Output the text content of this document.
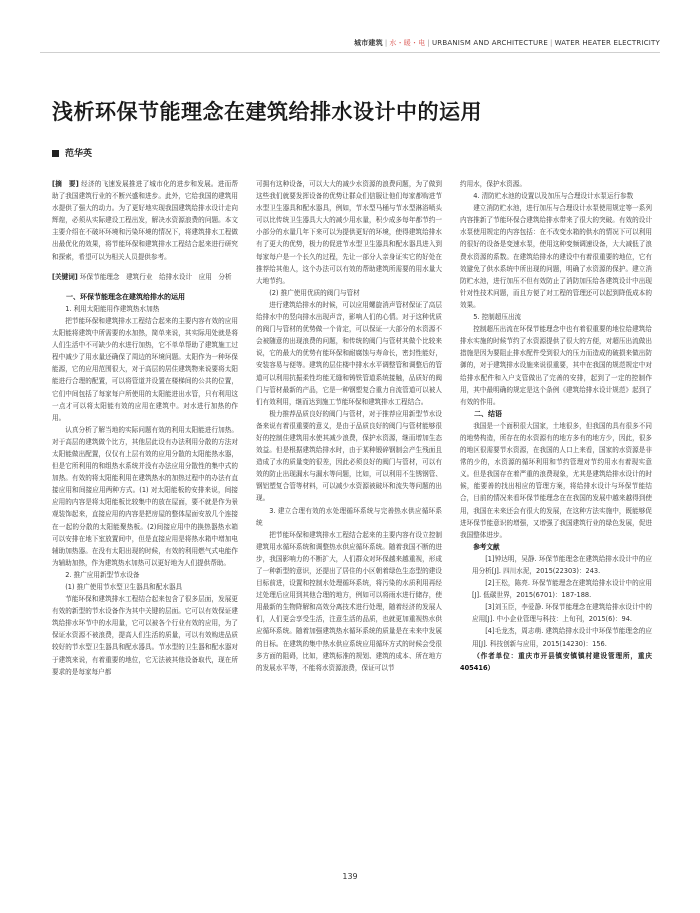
城市建筑 | 水・暖・电 | URBANISM AND ARCHITECTURE | WATER HEATER ELECTRICITY
浅析环保节能理念在建筑给排水设计中的运用
范华英

[摘　要] 经济的飞速发展推进了城市化的进步和发展。进而帮助了我国建筑行业的不断兴盛和进步。此外，它给我国的建筑用水提供了强大的动力。为了更好地实现我国建筑给排水设计走向辉煌，必须从实际建设工程出发，解决水资源浪费的问题。本文主要介绍在不破坏环境和污染环境的情况下，将建筑排水工程做出最优化的效果，将节能环保和建筑排水工程结合起来进行研究和探索，希望可以为相关人员提供参考。

[关键词] 环保节能理念　建筑行业　给排水设计　应用　分析

一、环保节能理念在建筑给排水的运用

1. 利用太阳能用作建筑热水加热

把节能环保和建筑排水工程结合起来的主要内容有效的应用太阳能将建筑中所需要的水加热，简单来说，其实际用处就是将人们生活中不可缺少的水进行加热，它不单单帮助了建筑施工过程中减少了用水量还确保了周边的环境问题。太阳作为一种环保能源，它的应用范围很大，对于高层的居住建筑物来说要将太阳能进行合理的配置，可以将管道并设置在楼梯间的公共的位置，它们中间包括了每家每户所使用的太阳能进出水管，只有利用这一点才可以将太阳能有效的应用在建筑中。对水进行加热的作用。

认真分析了解当地的实际问题有效的利用太阳能进行加热。对于高层的建筑做个比方，其他层此设有办法利用分散的方法对太阳能做出配置，仅仅有上层有效的应用分散的太阳能热水器，但是它所利用的和组热水系统并没有办法应用分散性的集中式的加热。有效的将太阳能利用在建筑热水的加热过程中的办法有直接应用和间接应用两种方式。(1) 对太阳能板的安排来说，间接应用的内容是将太阳能板比较集中的放在屋面，要不就是作为景观装饰起来，直接应用的内容是把房屋的整体屋面安放几个连接在一起的分散的太阳能聚热板。(2)间接应用中的换热器热水箱可以安排在地下室放置间中，但是直接应用是将热水箱中增加电辅助加热器。在没有太阳出现的时候，有效的利用燃气式电能作为辅助加热，作为建筑热水加热可以更好地为人们提供帮助。

2. 推广应用新型节水设备

(1) 推广使用节水型卫生器具和配水器具

节能环保和建筑排水工程结合起来包含了很多层面，发展更有效的新型的节水设备作为其中关键的层面。它可以有效保证建筑给排水环节中的水用量，它可以被各个行业有效的应用，为了保证水资源不被浪费，提高人们生活的质量，可以有效购进品质较好的节水型卫生器具和配水器具。节水型的卫生器和配水器对于建筑来说，有着重要的地位，它无法被其他设备取代，现在所要求的是每家每户都

可拥有这种设备，可以大大的减少水资源的浪费问题，为了做到这些我们就要发挥设备的优势让群众们信服让他们每家都购进节水型卫生器具和配水器具，例如，节水型马桶与节水型淋浴喷头可以比传统卫生器具大大的减少用水量，积少成多每年都节约一小部分的水量几年下来可以为提供更好的环境，使得建筑给排水有了更大的优势，极力的促进节水型卫生器具和配水器具进入到每家每户是一个长久的过程，先让一部分人亲身证实它的好处在推荐给其他人，这个办法可以有效的帮助建筑所需要的用水量大大地节约。

(2) 推广使用优质的阀门与管材

进行建筑给排水的时候，可以应用螺旋消声管材保证了高层给排水中的竖向排水出现声音，影响人们的心情。对于这种优质的阀门与管材的优势做一个肯定，可以保证一大部分的水资源不会被随意的出现浪费的问题，和传统的阀门与管材其做个比较来说，它的最大的优势有能环保和耐腐蚀与寿命长，密封性能好，安装容易与便等。建筑的层住楼中排水水平调整管和调整后的管道可以利用抗振柔性均能无缝和铸铁管道系统接触，品质好的阀门与管材最新的产品，它是一种钢塑复合重力自流管道可以被人们有效利用，继而达到施工节能环保和建筑排水工程结合。

极力推荐品质良好的阀门与管材，对于推荐应用新型节水设备来说有着很重要的意义，是由于品质良好的阀门与管材能够很好的控制住建筑用水使其减少浪费，保护水资源，继而增加生态效益。但是根据建筑给排水时，由于某种锻碎钢制会产生残面且造成了水的质量变的很差，因此必须良好的阀门与管材，可以有效的防止出现漏水与漏水等问题，比如，可以利用不生锈钢管、钢铝塑复合管等材料，可以减少水资源被破坏和流失等问题的出现。

3. 建立合理有效的水处理循环系统与完善热水供应循环系统

把节能环保和建筑排水工程结合起来的主要内容有设立控制建筑用水循环系统和调整热水供应循环系统。随着我国不断的进步，我国影响力的不断扩大，人们群众对环保越来越重视，形成了一种新型的意识，还提出了居住的小区朝着绿色生态型的建设目标前进，设置和控制水处理循环系统，将污染的水质利用再经过处理后应用到其他合理的地方，例如可以将雨水进行储存，使用最新的生物降解和高效分离技术进行处理，随着经济的发展人们，人们更会享受生活，注意生活的品质，也就更加重视热水供应循环系统。随着加强建筑热水循环系统的质量是在未来中发展的目标。在建筑的集中热水供应系统应用循环方式的时候会受很多方面的阻碍，比如，建筑标准的规划、建筑的成本、所在地方的发展水平等，不能将水资源浪费，保证可以节

约用水，保护水资源。

4. 清防贮水池的设置以及加压与合理设计水泵运行参数

建立消防贮水池，进行加压与合理设计水泵使用规定等一系列内容推新了节能环保合建筑给排水带来了很大的突破。有效的设计水泵使用规定的内容包括：在不改变水箱的供水的情况下可以利用的很好的设备是变速水泵，使用这种变频调速设备，大大减低了浪费水资源的系数。在建筑给排水的建设中有着很重要的地位，它有效避免了供水系统中所出现的问题，明确了水资源的保护。建立消防贮水池，进行加压不但有效防止了消防加压给各建筑设计中出现针对性技术问题，而且方便了对工程的管理还可以起到降低成本的效果。

5. 控制超压出流

控制超压出流在环保节能理念中也有着很重要的地位给建筑给排水实施的时候节约了水资源提供了很大的方便，对超压出流做出措施是因为要阻止排水配件受到很大的压力而造成的破损来做出防御的，对于建筑排水设施来说很重要，其中在我国的规范规定中对给排水配件和入户支管做出了完善的安排，起到了一定的控制作用，其中最明确的规定是这个条例《建筑给排水设计规范》起到了有效的作用。

二、结语

我国是一个面积很大国家，土地很多，但我国的具有很多不同的地势构造，所存在的水资源有的地方多有的地方少，因此，很多的地区很需要节水资源，在我国的人口上来看，国家的水资源是非常的少的，水资源的循环利用和节约管理对节约用水有着现实意义。但是我国存在着严重的浪费现象，尤其是建筑给排水设计的时候，能要善的找出相应的管理方案，将给排水设计与环保节能结合，目前的情况来看环保节能理念在在我国的发展中越来越得到使用，我国在未来还会有很大的发展，在这种方法实施中，既能够促进环保节能意识的增强，又增强了我国建筑行业的绿色发展，促进我国整体进步。

参考文献

[1]钟达明，吴静. 环保节能理念在建筑给排水设计中的应用分析[J]. 四川水泥，2015(22303)：243.

[2]王松，陈亮. 环保节能理念在建筑给排水设计中的应用[J]. 低碳世界，2015(6701)：187-188.

[3]刘玉臣，李爱静. 环保节能理念在建筑给排水设计中的应用[J]. 中小企业管理与科技：上旬刊，2015(6)：94.

[4]毛龙杰，周志萌. 建筑给排水设计中环保节能理念的应用[J]. 科技创新与应用，2015(14230)：156.

（作者单位：重庆市开县镇安镇镇村建设管理所，重庆 405416）

139
